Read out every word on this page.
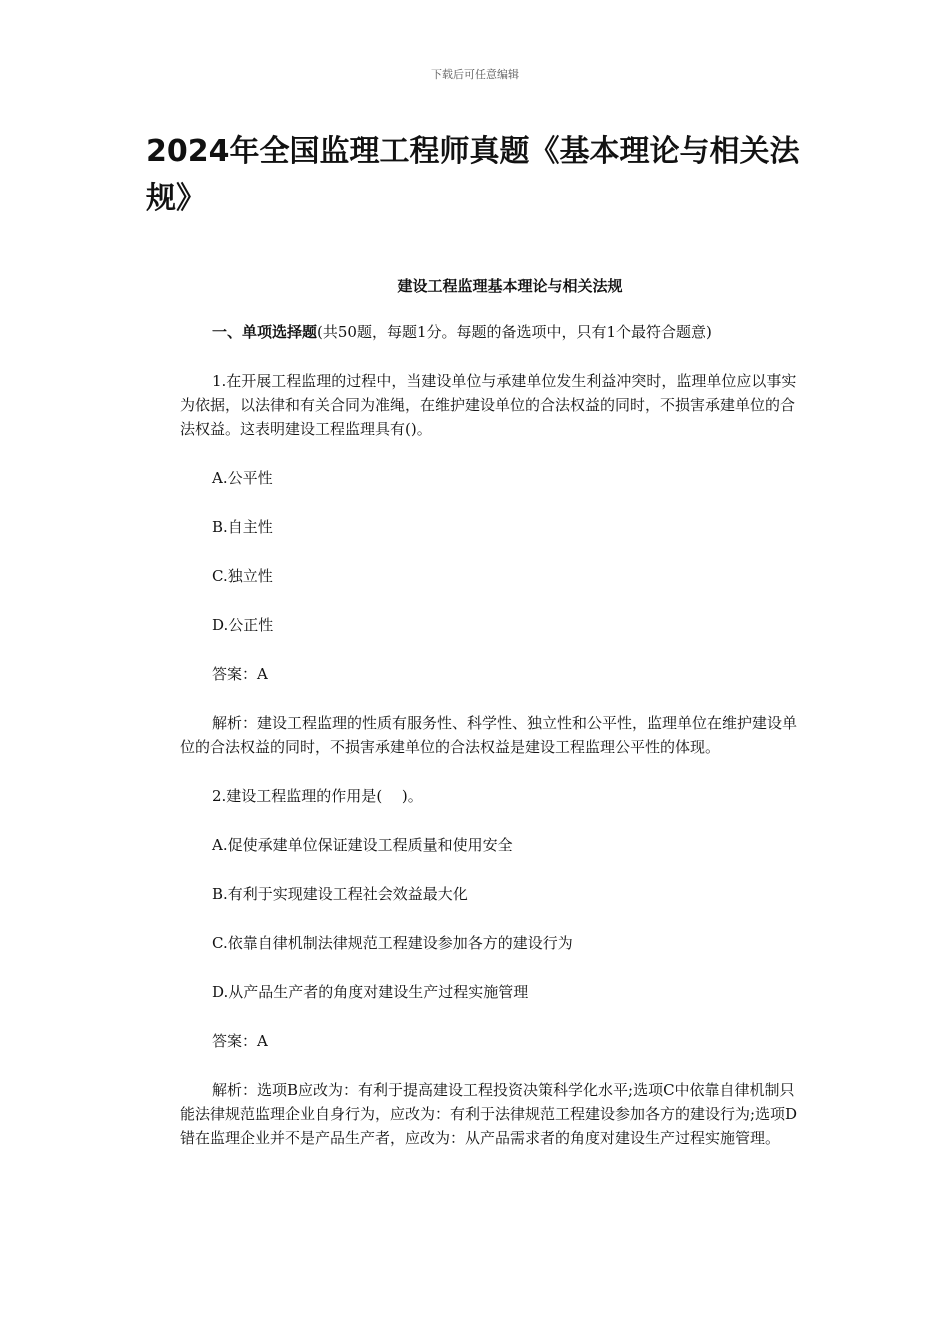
下载后可任意编辑
2024年全国监理工程师真题《基本理论与相关法规》
建设工程监理基本理论与相关法规

一、单项选择题(共50题，每题1分。每题的备选项中，只有1个最符合题意)

1.在开展工程监理的过程中，当建设单位与承建单位发生利益冲突时，监理单位应以事实为依据，以法律和有关合同为准绳，在维护建设单位的合法权益的同时，不损害承建单位的合法权益。这表明建设工程监理具有()。

A.公平性

B.自主性

C.独立性

D.公正性

答案：A

解析：建设工程监理的性质有服务性、科学性、独立性和公平性，监理单位在维护建设单位的合法权益的同时，不损害承建单位的合法权益是建设工程监理公平性的体现。

2.建设工程监理的作用是(　 )。

A.促使承建单位保证建设工程质量和使用安全

B.有利于实现建设工程社会效益最大化

C.依靠自律机制法律规范工程建设参加各方的建设行为

D.从产品生产者的角度对建设生产过程实施管理

答案：A

解析：选项B应改为：有利于提高建设工程投资决策科学化水平;选项C中依靠自律机制只能法律规范监理企业自身行为，应改为：有利于法律规范工程建设参加各方的建设行为;选项D错在监理企业并不是产品生产者，应改为：从产品需求者的角度对建设生产过程实施管理。
